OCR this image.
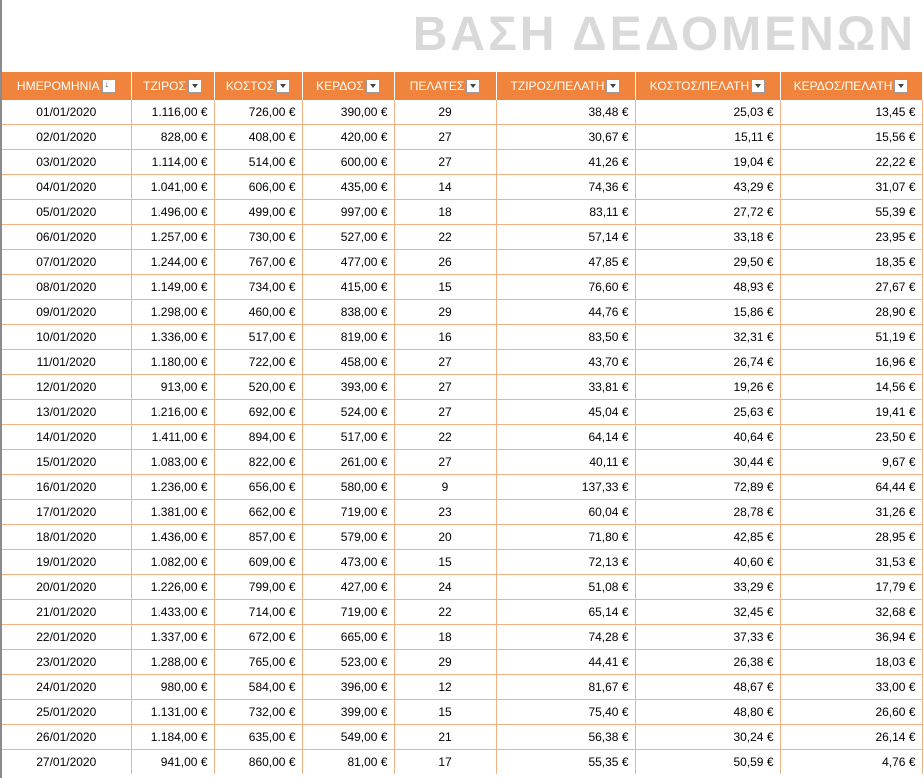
ΒΑΣΗ ΔΕΔΟΜΕΝΩΝ
ΗΜΕΡΟΜΗΝΙΑ↓	ΤΖΙΡΟΣ	ΚΟΣΤΟΣ	ΚΕΡΔΟΣ	ΠΕΛΑΤΕΣ	ΤΖΙΡΟΣ/ΠΕΛΑΤΗ	ΚΟΣΤΟΣ/ΠΕΛΑΤΗ	ΚΕΡΔΟΣ/ΠΕΛΑΤΗ
01/01/2020	1.116,00 €	726,00 €	390,00 €	29	38,48 €	25,03 €	13,45 €
02/01/2020	828,00 €	408,00 €	420,00 €	27	30,67 €	15,11 €	15,56 €
03/01/2020	1.114,00 €	514,00 €	600,00 €	27	41,26 €	19,04 €	22,22 €
04/01/2020	1.041,00 €	606,00 €	435,00 €	14	74,36 €	43,29 €	31,07 €
05/01/2020	1.496,00 €	499,00 €	997,00 €	18	83,11 €	27,72 €	55,39 €
06/01/2020	1.257,00 €	730,00 €	527,00 €	22	57,14 €	33,18 €	23,95 €
07/01/2020	1.244,00 €	767,00 €	477,00 €	26	47,85 €	29,50 €	18,35 €
08/01/2020	1.149,00 €	734,00 €	415,00 €	15	76,60 €	48,93 €	27,67 €
09/01/2020	1.298,00 €	460,00 €	838,00 €	29	44,76 €	15,86 €	28,90 €
10/01/2020	1.336,00 €	517,00 €	819,00 €	16	83,50 €	32,31 €	51,19 €
11/01/2020	1.180,00 €	722,00 €	458,00 €	27	43,70 €	26,74 €	16,96 €
12/01/2020	913,00 €	520,00 €	393,00 €	27	33,81 €	19,26 €	14,56 €
13/01/2020	1.216,00 €	692,00 €	524,00 €	27	45,04 €	25,63 €	19,41 €
14/01/2020	1.411,00 €	894,00 €	517,00 €	22	64,14 €	40,64 €	23,50 €
15/01/2020	1.083,00 €	822,00 €	261,00 €	27	40,11 €	30,44 €	9,67 €
16/01/2020	1.236,00 €	656,00 €	580,00 €	9	137,33 €	72,89 €	64,44 €
17/01/2020	1.381,00 €	662,00 €	719,00 €	23	60,04 €	28,78 €	31,26 €
18/01/2020	1.436,00 €	857,00 €	579,00 €	20	71,80 €	42,85 €	28,95 €
19/01/2020	1.082,00 €	609,00 €	473,00 €	15	72,13 €	40,60 €	31,53 €
20/01/2020	1.226,00 €	799,00 €	427,00 €	24	51,08 €	33,29 €	17,79 €
21/01/2020	1.433,00 €	714,00 €	719,00 €	22	65,14 €	32,45 €	32,68 €
22/01/2020	1.337,00 €	672,00 €	665,00 €	18	74,28 €	37,33 €	36,94 €
23/01/2020	1.288,00 €	765,00 €	523,00 €	29	44,41 €	26,38 €	18,03 €
24/01/2020	980,00 €	584,00 €	396,00 €	12	81,67 €	48,67 €	33,00 €
25/01/2020	1.131,00 €	732,00 €	399,00 €	15	75,40 €	48,80 €	26,60 €
26/01/2020	1.184,00 €	635,00 €	549,00 €	21	56,38 €	30,24 €	26,14 €
27/01/2020	941,00 €	860,00 €	81,00 €	17	55,35 €	50,59 €	4,76 €
